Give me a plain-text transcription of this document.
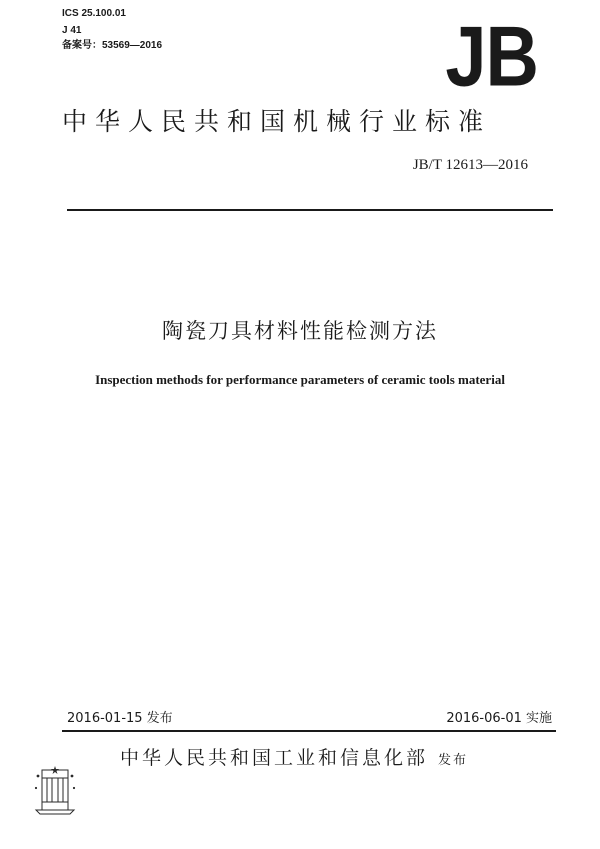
ICS 25.100.01
J 41
备案号：53569—2016	JB
中华人民共和国机械行业标准
JB/T 12613—2016
陶瓷刀具材料性能检测方法
Inspection methods for performance parameters of ceramic tools material
2016-01-15 发布	2016-06-01 实施
中华人民共和国工业和信息化部 发布
